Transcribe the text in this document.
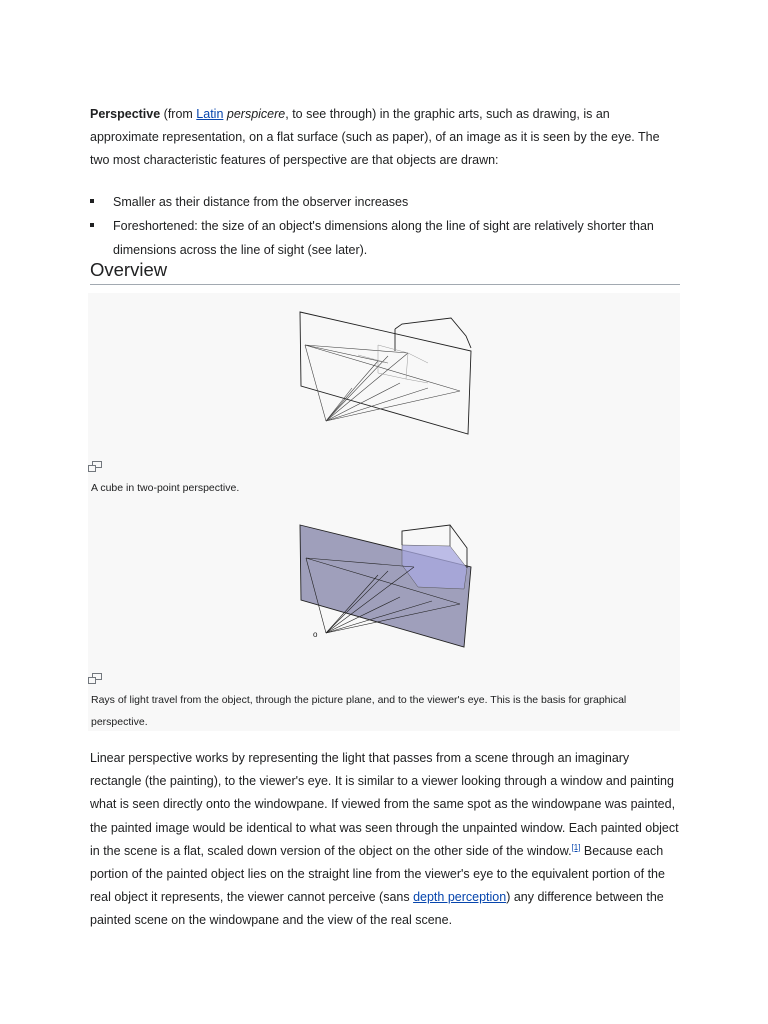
Perspective (from Latin perspicere, to see through) in the graphic arts, such as drawing, is an approximate representation, on a flat surface (such as paper), of an image as it is seen by the eye. The two most characteristic features of perspective are that objects are drawn:

Smaller as their distance from the observer increases
Foreshortened: the size of an object's dimensions along the line of sight are relatively shorter than dimensions across the line of sight (see later).
Overview

A cube in two-point perspective.

o

Rays of light travel from the object, through the picture plane, and to the viewer's eye. This is the basis for graphical perspective.

Linear perspective works by representing the light that passes from a scene through an imaginary rectangle (the painting), to the viewer's eye. It is similar to a viewer looking through a window and painting what is seen directly onto the windowpane. If viewed from the same spot as the windowpane was painted, the painted image would be identical to what was seen through the unpainted window. Each painted object in the scene is a flat, scaled down version of the object on the other side of the window.[1] Because each portion of the painted object lies on the straight line from the viewer's eye to the equivalent portion of the real object it represents, the viewer cannot perceive (sans depth perception) any difference between the painted scene on the windowpane and the view of the real scene.
